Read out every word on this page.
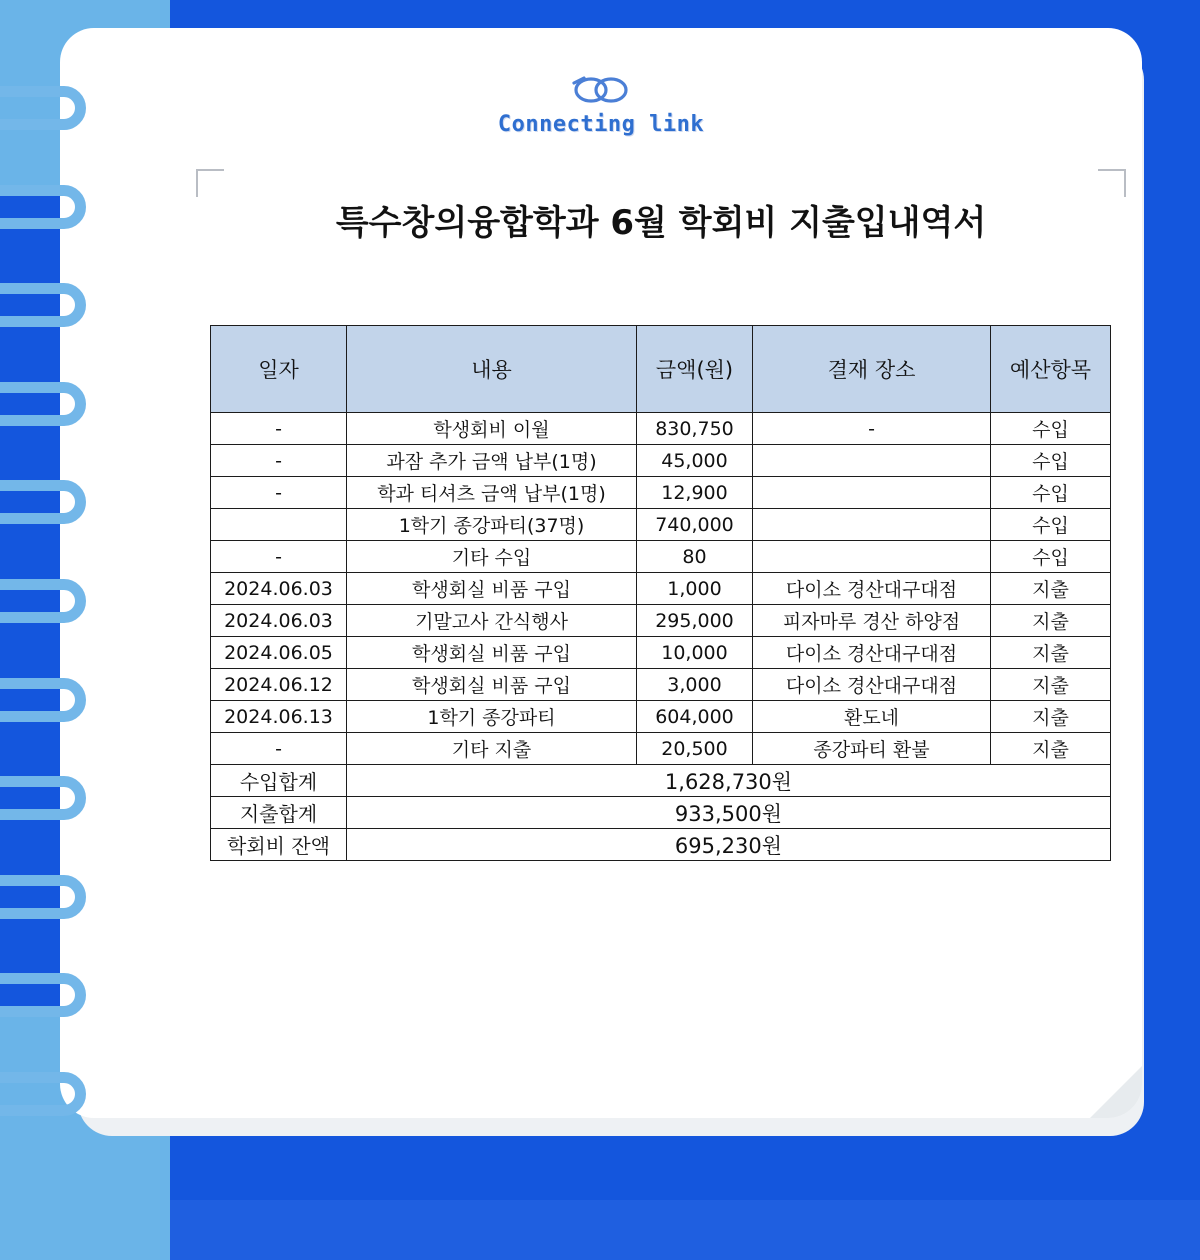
Connecting link
특수창의융합학과 6월 학회비 지출입내역서
일자	내용	금액(원)	결재 장소	예산항목
-	학생회비 이월	830,750	-	수입
-	과잠 추가 금액 납부(1명)	45,000		수입
-	학과 티셔츠 금액 납부(1명)	12,900		수입
	1학기 종강파티(37명)	740,000		수입
-	기타 수입	80		수입
2024.06.03	학생회실 비품 구입	1,000	다이소 경산대구대점	지출
2024.06.03	기말고사 간식행사	295,000	피자마루 경산 하양점	지출
2024.06.05	학생회실 비품 구입	10,000	다이소 경산대구대점	지출
2024.06.12	학생회실 비품 구입	3,000	다이소 경산대구대점	지출
2024.06.13	1학기 종강파티	604,000	환도네	지출
-	기타 지출	20,500	종강파티 환불	지출
수입합계	1,628,730원			
지출합계	933,500원			
학회비 잔액	695,230원			
